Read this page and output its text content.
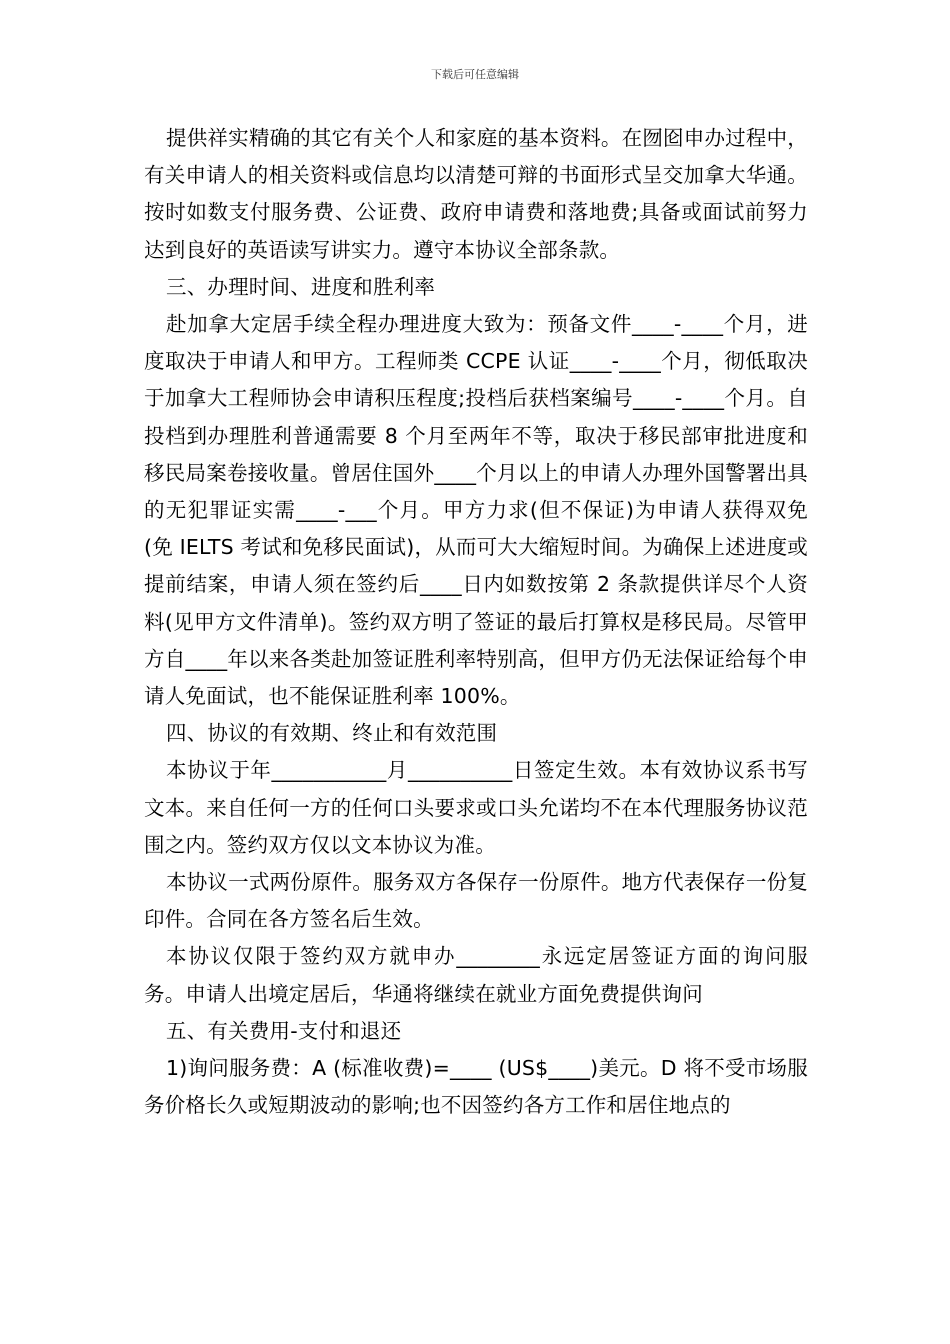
下载后可任意编辑

提供祥实精确的其它有关个人和家庭的基本资料。在囫囵申办过程中，有关申请人的相关资料或信息均以清楚可辩的书面形式呈交加拿大华通。按时如数支付服务费、公证费、政府申请费和落地费;具备或面试前努力达到良好的英语读写讲实力。遵守本协议全部条款。

三、办理时间、进度和胜利率

赴加拿大定居手续全程办理进度大致为：预备文件____-____个月，进度取决于申请人和甲方。工程师类 CCPE 认证____-____个月，彻低取决于加拿大工程师协会申请积压程度;投档后获档案编号____-____个月。自投档到办理胜利普通需要 8 个月至两年不等，取决于移民部审批进度和移民局案卷接收量。曾居住国外____个月以上的申请人办理外国警署出具的无犯罪证实需____-___个月。甲方力求(但不保证)为申请人获得双免(免 IELTS 考试和免移民面试)，从而可大大缩短时间。为确保上述进度或提前结案，申请人须在签约后____日内如数按第 2 条款提供详尽个人资料(见甲方文件清单)。签约双方明了签证的最后打算权是移民局。尽管甲方自____年以来各类赴加签证胜利率特别高，但甲方仍无法保证给每个申请人免面试，也不能保证胜利率 100%。

四、协议的有效期、终止和有效范围

本协议于年___________月__________日签定生效。本有效协议系书写文本。来自任何一方的任何口头要求或口头允诺均不在本代理服务协议范围之内。签约双方仅以文本协议为准。

本协议一式两份原件。服务双方各保存一份原件。地方代表保存一份复印件。合同在各方签名后生效。

本协议仅限于签约双方就申办________永远定居签证方面的询问服务。申请人出境定居后，华通将继续在就业方面免费提供询问

五、有关费用-支付和退还

1)询问服务费：A (标准收费)=____ (US$____)美元。D 将不受市场服务价格长久或短期波动的影响;也不因签约各方工作和居住地点的
